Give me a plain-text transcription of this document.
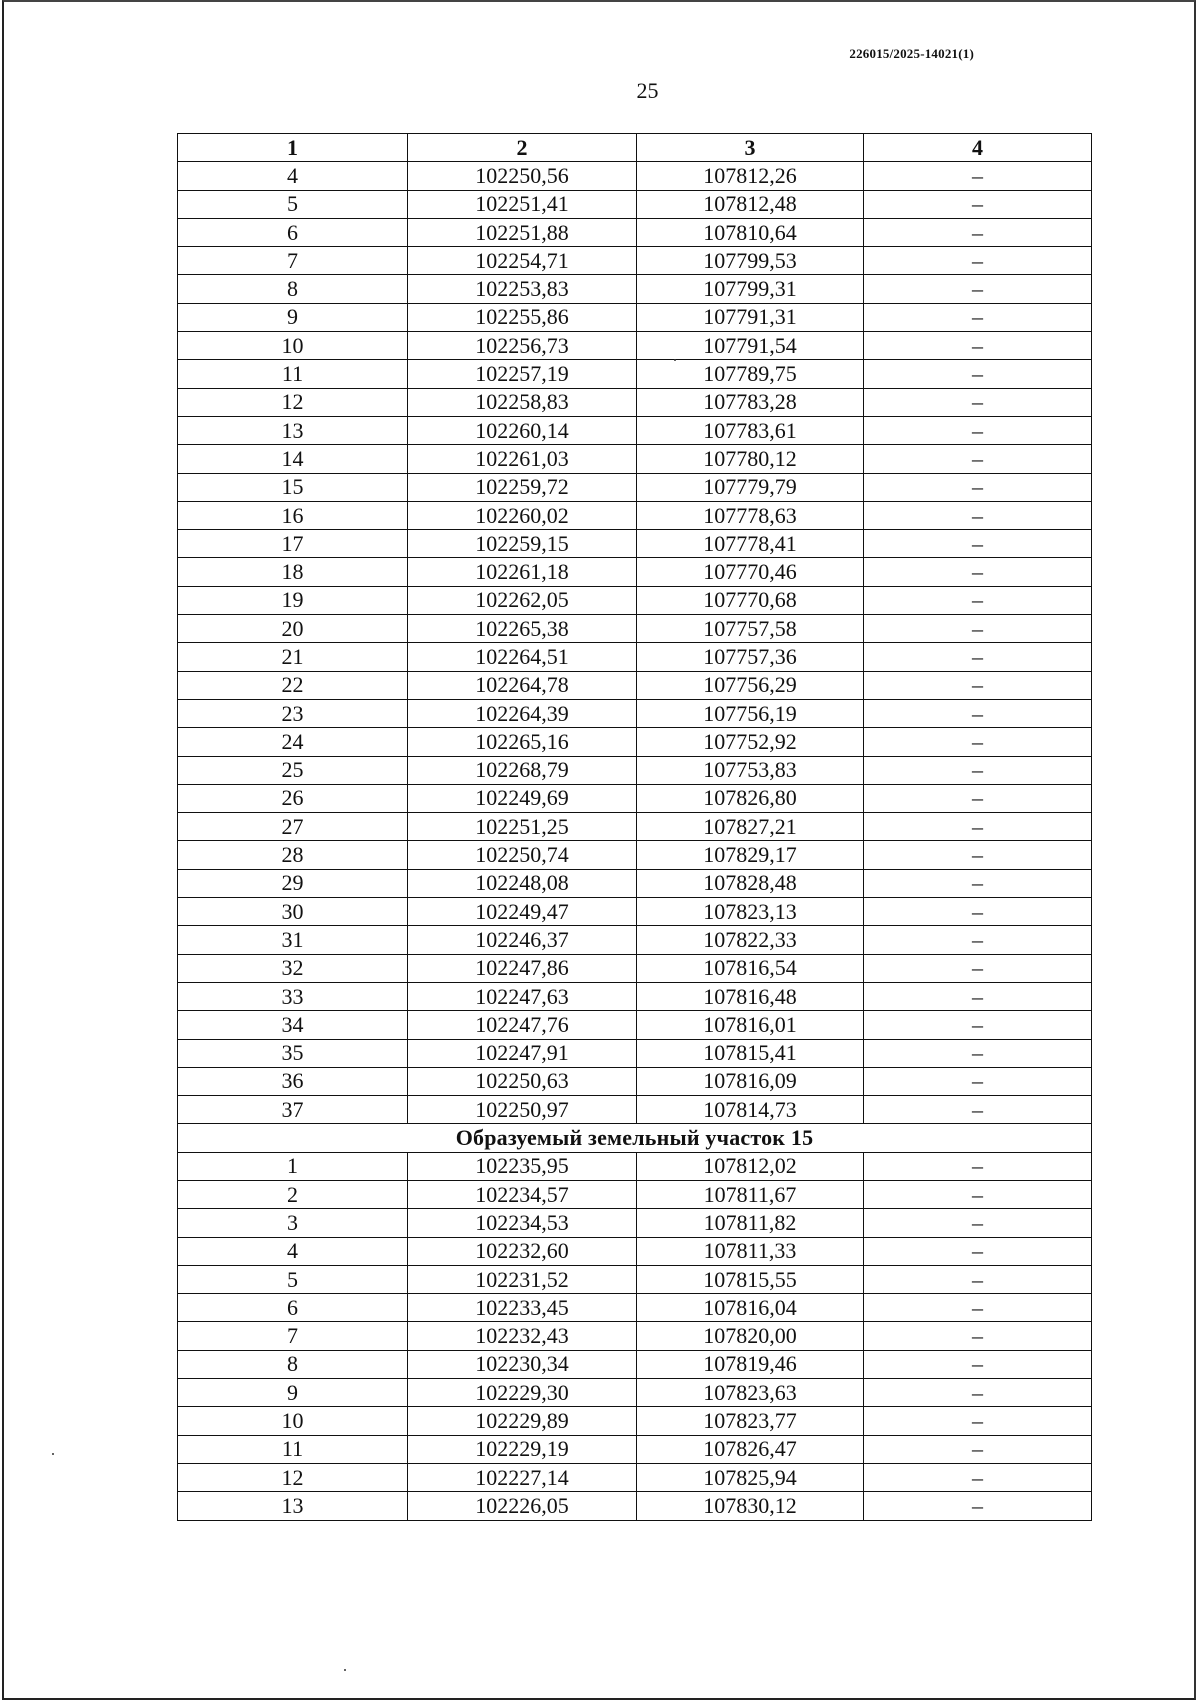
226015/2025-14021(1)
25
1	2	3	4
4	102250,56	107812,26	–
5	102251,41	107812,48	–
6	102251,88	107810,64	–
7	102254,71	107799,53	–
8	102253,83	107799,31	–
9	102255,86	107791,31	–
10	102256,73	107791,54	–
11	102257,19	107789,75	–
12	102258,83	107783,28	–
13	102260,14	107783,61	–
14	102261,03	107780,12	–
15	102259,72	107779,79	–
16	102260,02	107778,63	–
17	102259,15	107778,41	–
18	102261,18	107770,46	–
19	102262,05	107770,68	–
20	102265,38	107757,58	–
21	102264,51	107757,36	–
22	102264,78	107756,29	–
23	102264,39	107756,19	–
24	102265,16	107752,92	–
25	102268,79	107753,83	–
26	102249,69	107826,80	–
27	102251,25	107827,21	–
28	102250,74	107829,17	–
29	102248,08	107828,48	–
30	102249,47	107823,13	–
31	102246,37	107822,33	–
32	102247,86	107816,54	–
33	102247,63	107816,48	–
34	102247,76	107816,01	–
35	102247,91	107815,41	–
36	102250,63	107816,09	–
37	102250,97	107814,73	–
Образуемый земельный участок 15			
1	102235,95	107812,02	–
2	102234,57	107811,67	–
3	102234,53	107811,82	–
4	102232,60	107811,33	–
5	102231,52	107815,55	–
6	102233,45	107816,04	–
7	102232,43	107820,00	–
8	102230,34	107819,46	–
9	102229,30	107823,63	–
10	102229,89	107823,77	–
11	102229,19	107826,47	–
12	102227,14	107825,94	–
13	102226,05	107830,12	–
